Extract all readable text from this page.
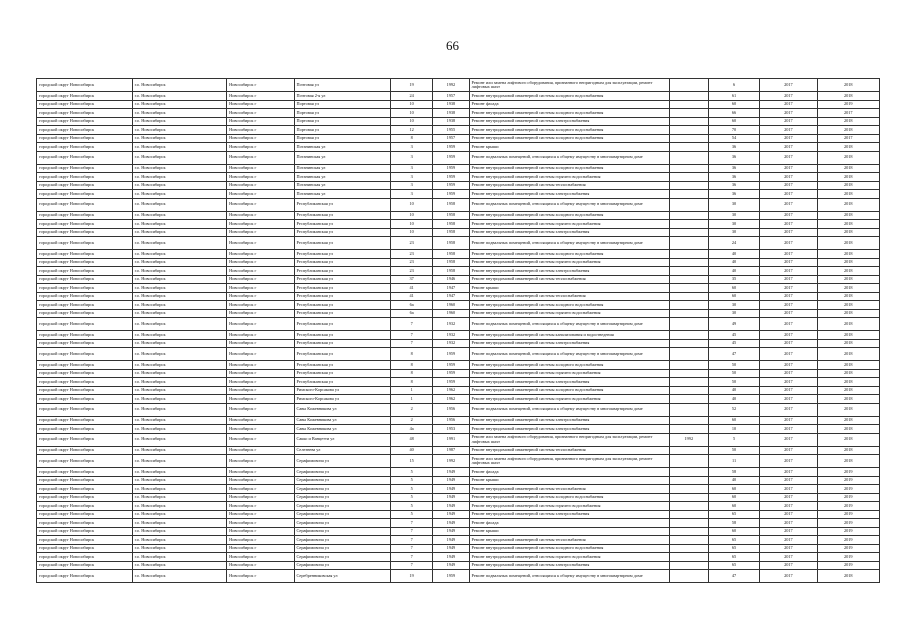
66
городской округ Новосибирск	г.о. Новосибирск	Новосибирск г	Почтовая ул	19	1992	Ремонт или замена лифтового оборудования, признанного непригодным для эксплуатации, ремонт лифтовых шахт		6	2017	2018
городской округ Новосибирск	г.о. Новосибирск	Новосибирск г	Почтовая 2-я ул	24	1957	Ремонт внутридомовой инженерной системы холодного водоснабжения		61	2017	2018
городской округ Новосибирск	г.о. Новосибирск	Новосибирск г	Портовая ул	10	1938	Ремонт фасада		60	2017	2019
городской округ Новосибирск	г.о. Новосибирск	Новосибирск г	Портовая ул	10	1938	Ремонт внутридомовой инженерной системы холодного водоснабжения		66	2017	2017
городской округ Новосибирск	г.о. Новосибирск	Новосибирск г	Портовая ул	10	1938	Ремонт внутридомовой инженерной системы электроснабжения		60	2017	2018
городской округ Новосибирск	г.о. Новосибирск	Новосибирск г	Портовая ул	12	1955	Ремонт внутридомовой инженерной системы холодного водоснабжения		70	2017	2018
городской округ Новосибирск	г.о. Новосибирск	Новосибирск г	Портовая ул	8	1957	Ремонт внутридомовой инженерной системы холодного водоснабжения		54	2017	2017
городской округ Новосибирск	г.о. Новосибирск	Новосибирск г	Потанинская ул	3	1959	Ремонт крыши		36	2017	2018
городской округ Новосибирск	г.о. Новосибирск	Новосибирск г	Потанинская ул	3	1959	Ремонт подвальных помещений, относящихся к общему имуществу в многоквартирном доме		36	2017	2018
городской округ Новосибирск	г.о. Новосибирск	Новосибирск г	Потанинская ул	3	1959	Ремонт внутридомовой инженерной системы холодного водоснабжения		36	2017	2018
городской округ Новосибирск	г.о. Новосибирск	Новосибирск г	Потанинская ул	3	1959	Ремонт внутридомовой инженерной системы горячего водоснабжения		36	2017	2018
городской округ Новосибирск	г.о. Новосибирск	Новосибирск г	Потанинская ул	3	1959	Ремонт внутридомовой инженерной системы теплоснабжения		36	2017	2018
городской округ Новосибирск	г.о. Новосибирск	Новосибирск г	Потанинская ул	3	1959	Ремонт внутридомовой инженерной системы электроснабжения		36	2017	2018
городской округ Новосибирск	г.о. Новосибирск	Новосибирск г	Республиканская ул	10	1958	Ремонт подвальных помещений, относящихся к общему имуществу в многоквартирном доме		30	2017	2018
городской округ Новосибирск	г.о. Новосибирск	Новосибирск г	Республиканская ул	10	1958	Ремонт внутридомовой инженерной системы холодного водоснабжения		30	2017	2018
городской округ Новосибирск	г.о. Новосибирск	Новосибирск г	Республиканская ул	10	1958	Ремонт внутридомовой инженерной системы горячего водоснабжения		30	2017	2018
городской округ Новосибирск	г.о. Новосибирск	Новосибирск г	Республиканская ул	10	1958	Ремонт внутридомовой инженерной системы электроснабжения		30	2017	2018
городской округ Новосибирск	г.о. Новосибирск	Новосибирск г	Республиканская ул	23	1958	Ремонт подвальных помещений, относящихся к общему имуществу в многоквартирном доме		24	2017	2018
городской округ Новосибирск	г.о. Новосибирск	Новосибирск г	Республиканская ул	23	1958	Ремонт внутридомовой инженерной системы холодного водоснабжения		40	2017	2018
городской округ Новосибирск	г.о. Новосибирск	Новосибирск г	Республиканская ул	23	1958	Ремонт внутридомовой инженерной системы горячего водоснабжения		40	2017	2018
городской округ Новосибирск	г.о. Новосибирск	Новосибирск г	Республиканская ул	23	1958	Ремонт внутридомовой инженерной системы электроснабжения		40	2017	2018
городской округ Новосибирск	г.о. Новосибирск	Новосибирск г	Республиканская ул	37	1946	Ремонт внутридомовой инженерной системы теплоснабжения		35	2017	2018
городской округ Новосибирск	г.о. Новосибирск	Новосибирск г	Республиканская ул	41	1947	Ремонт крыши		60	2017	2018
городской округ Новосибирск	г.о. Новосибирск	Новосибирск г	Республиканская ул	41	1947	Ремонт внутридомовой инженерной системы теплоснабжения		60	2017	2018
городской округ Новосибирск	г.о. Новосибирск	Новосибирск г	Республиканская ул	6а	1960	Ремонт внутридомовой инженерной системы холодного водоснабжения		30	2017	2018
городской округ Новосибирск	г.о. Новосибирск	Новосибирск г	Республиканская ул	6а	1960	Ремонт внутридомовой инженерной системы горячего водоснабжения		30	2017	2018
городской округ Новосибирск	г.о. Новосибирск	Новосибирск г	Республиканская ул	7	1932	Ремонт подвальных помещений, относящихся к общему имуществу в многоквартирном доме		49	2017	2018
городской округ Новосибирск	г.о. Новосибирск	Новосибирск г	Республиканская ул	7	1932	Ремонт внутридомовой инженерной системы канализования и водоотведения		45	2017	2018
городской округ Новосибирск	г.о. Новосибирск	Новосибирск г	Республиканская ул	7	1932	Ремонт внутридомовой инженерной системы электроснабжения		45	2017	2018
городской округ Новосибирск	г.о. Новосибирск	Новосибирск г	Республиканская ул	8	1959	Ремонт подвальных помещений, относящихся к общему имуществу в многоквартирном доме		47	2017	2018
городской округ Новосибирск	г.о. Новосибирск	Новосибирск г	Республиканская ул	8	1959	Ремонт внутридомовой инженерной системы холодного водоснабжения		50	2017	2018
городской округ Новосибирск	г.о. Новосибирск	Новосибирск г	Республиканская ул	8	1959	Ремонт внутридомовой инженерной системы горячего водоснабжения		50	2017	2018
городской округ Новосибирск	г.о. Новосибирск	Новосибирск г	Республиканская ул	8	1959	Ремонт внутридомовой инженерной системы электроснабжения		50	2017	2018
городской округ Новосибирск	г.о. Новосибирск	Новосибирск г	Римского-Корсакова ул	1	1962	Ремонт внутридомовой инженерной системы холодного водоснабжения		40	2017	2018
городской округ Новосибирск	г.о. Новосибирск	Новосибирск г	Римского-Корсакова ул	1	1962	Ремонт внутридомовой инженерной системы горячего водоснабжения		40	2017	2018
городской округ Новосибирск	г.о. Новосибирск	Новосибирск г	Савы Кожевникова ул	2	1956	Ремонт подвальных помещений, относящихся к общему имуществу в многоквартирном доме		52	2017	2018
городской округ Новосибирск	г.о. Новосибирск	Новосибирск г	Савы Кожевникова ул	2	1956	Ремонт внутридомовой инженерной системы электроснабжения		60	2017	2018
городской округ Новосибирск	г.о. Новосибирск	Новосибирск г	Савы Кожевникова ул	4а	1953	Ремонт внутридомовой инженерной системы электроснабжения		10	2017	2018
городской округ Новосибирск	г.о. Новосибирск	Новосибирск г	Сакко и Ванцетти ул	48	1991	Ремонт или замена лифтового оборудования, признанного непригодным для эксплуатации, ремонт лифтовых шахт	1992	5	2017	2018
городской округ Новосибирск	г.о. Новосибирск	Новосибирск г	Селезнева ул	40	1987	Ремонт внутридомовой инженерной системы теплоснабжения		50	2017	2018
городской округ Новосибирск	г.о. Новосибирск	Новосибирск г	Серафимовича ул	15	1992	Ремонт или замена лифтового оборудования, признанного непригодным для эксплуатации, ремонт лифтовых шахт		11	2017	2018
городской округ Новосибирск	г.о. Новосибирск	Новосибирск г	Серафимовича ул	5	1949	Ремонт фасада		58	2017	2019
городской округ Новосибирск	г.о. Новосибирск	Новосибирск г	Серафимовича ул	5	1949	Ремонт крыши		40	2017	2019
городской округ Новосибирск	г.о. Новосибирск	Новосибирск г	Серафимовича ул	5	1949	Ремонт внутридомовой инженерной системы теплоснабжения		60	2017	2019
городской округ Новосибирск	г.о. Новосибирск	Новосибирск г	Серафимовича ул	5	1949	Ремонт внутридомовой инженерной системы холодного водоснабжения		60	2017	2019
городской округ Новосибирск	г.о. Новосибирск	Новосибирск г	Серафимовича ул	5	1949	Ремонт внутридомовой инженерной системы горячего водоснабжения		60	2017	2019
городской округ Новосибирск	г.о. Новосибирск	Новосибирск г	Серафимовича ул	5	1949	Ремонт внутридомовой инженерной системы электроснабжения		65	2017	2019
городской округ Новосибирск	г.о. Новосибирск	Новосибирск г	Серафимовича ул	7	1949	Ремонт фасада		58	2017	2019
городской округ Новосибирск	г.о. Новосибирск	Новосибирск г	Серафимовича ул	7	1949	Ремонт крыши		60	2017	2019
городской округ Новосибирск	г.о. Новосибирск	Новосибирск г	Серафимовича ул	7	1949	Ремонт внутридомовой инженерной системы теплоснабжения		65	2017	2019
городской округ Новосибирск	г.о. Новосибирск	Новосибирск г	Серафимовича ул	7	1949	Ремонт внутридомовой инженерной системы холодного водоснабжения		65	2017	2019
городской округ Новосибирск	г.о. Новосибирск	Новосибирск г	Серафимовича ул	7	1949	Ремонт внутридомовой инженерной системы горячего водоснабжения		65	2017	2019
городской округ Новосибирск	г.о. Новосибирск	Новосибирск г	Серафимовича ул	7	1949	Ремонт внутридомовой инженерной системы электроснабжения		65	2017	2019
городской округ Новосибирск	г.о. Новосибирск	Новосибирск г	Серебренниковская ул	19	1959	Ремонт подвальных помещений, относящихся к общему имуществу в многоквартирном доме		47	2017	2018
